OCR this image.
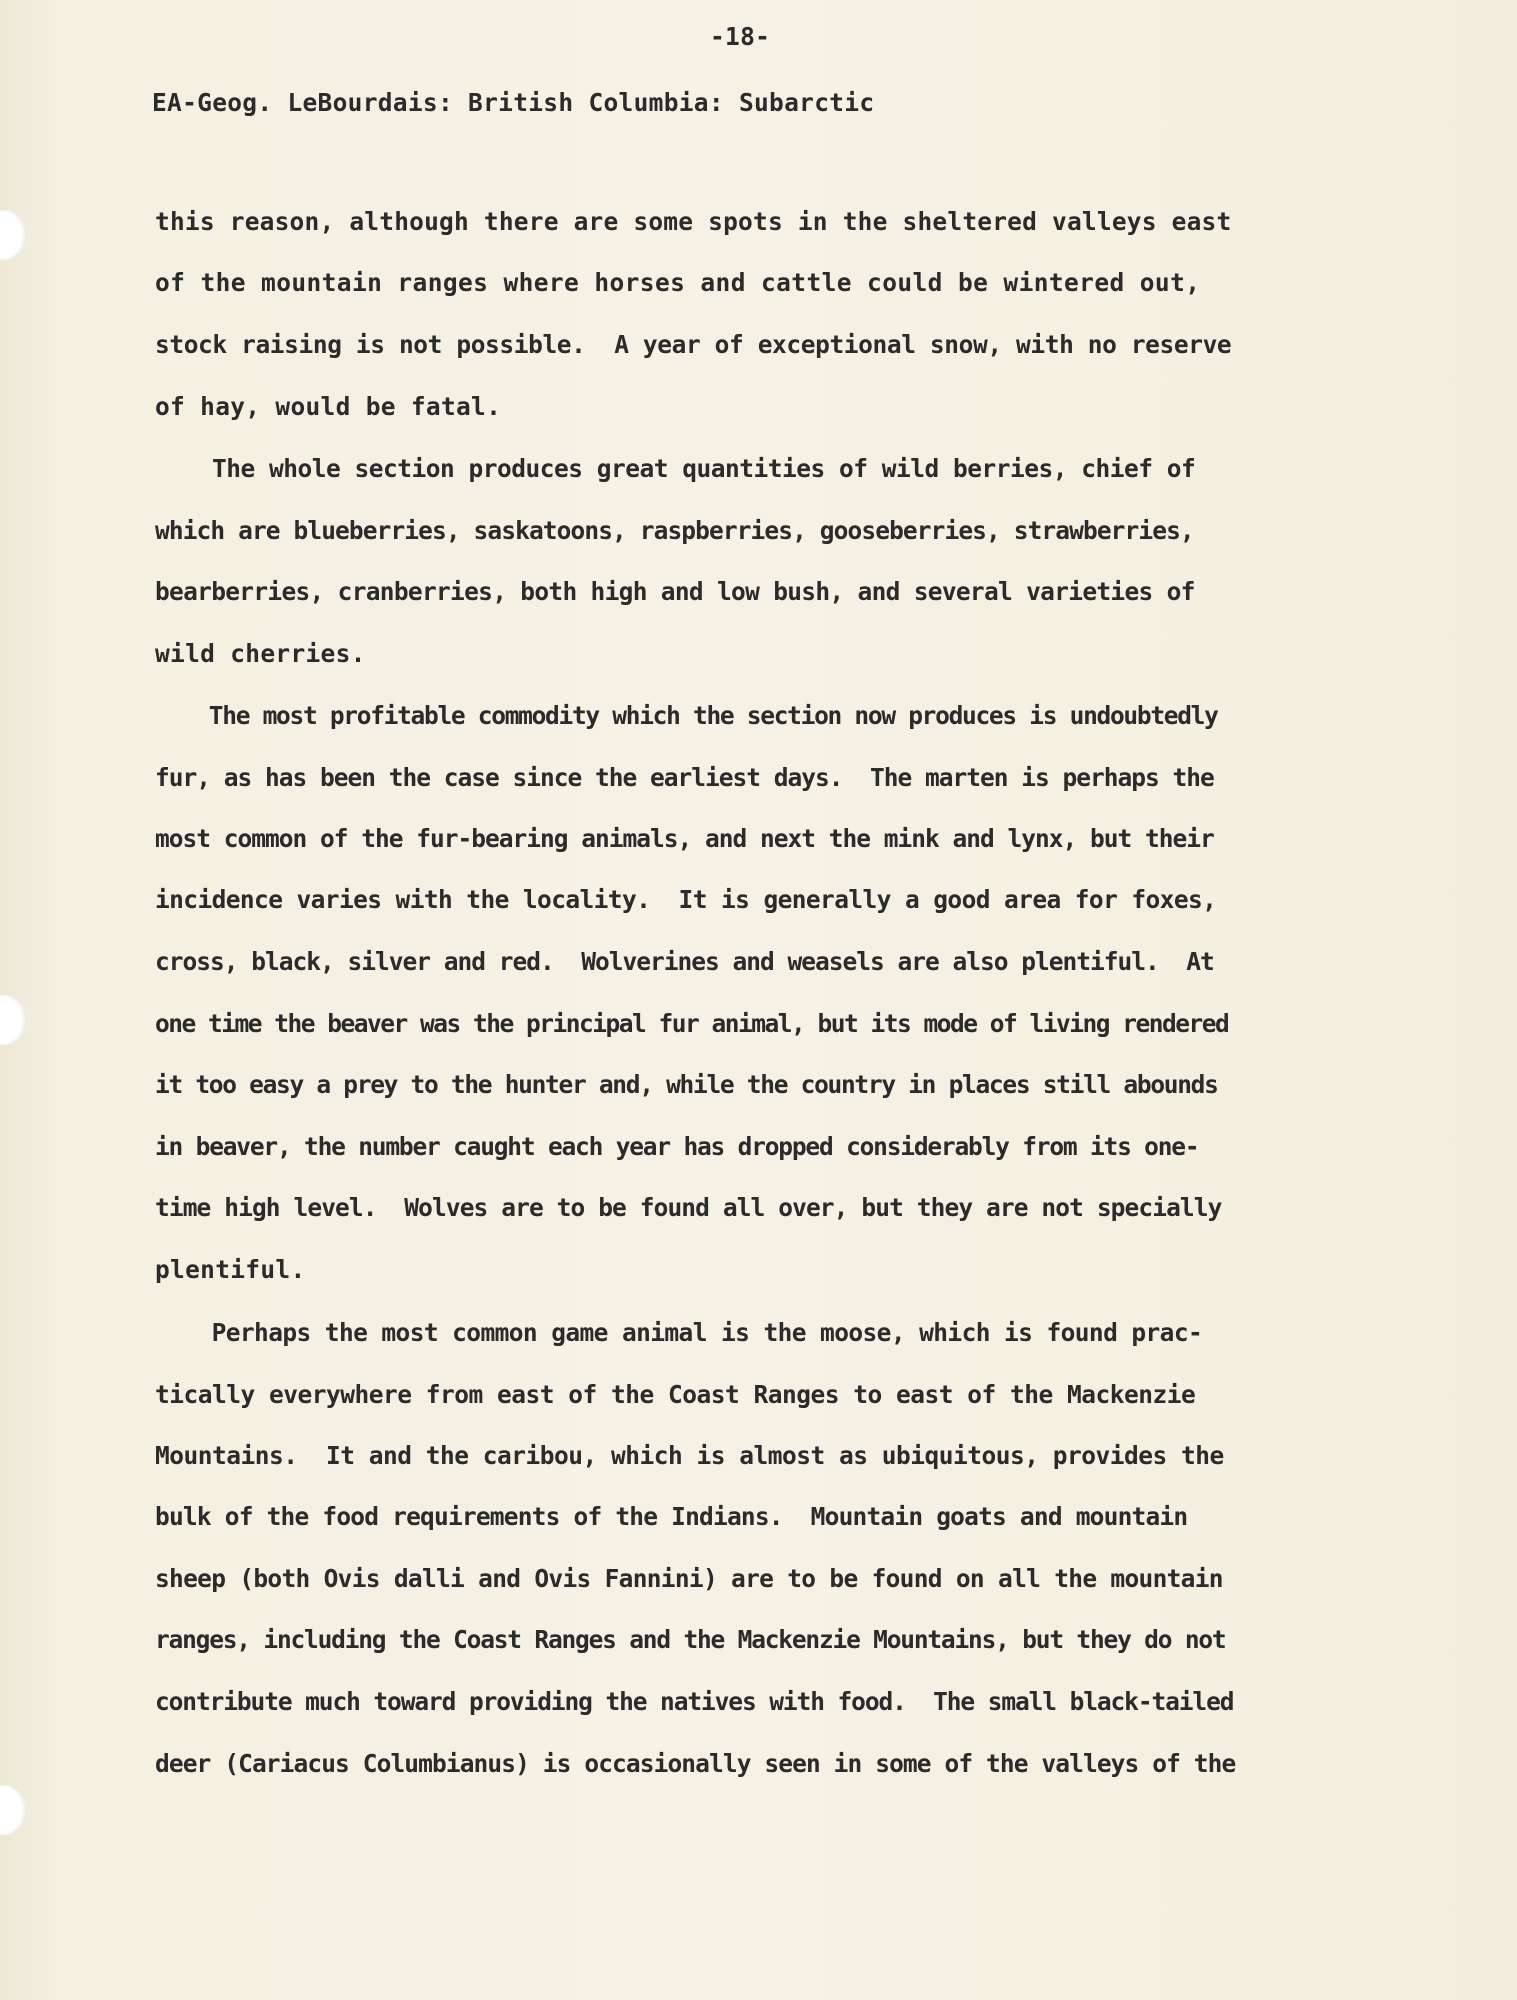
-18-

EA-Geog. LeBourdais: British Columbia: Subarctic

this reason, although there are some spots in the sheltered valleys east

of the mountain ranges where horses and cattle could be wintered out,

stock raising is not possible.  A year of exceptional snow, with no reserve

of hay, would be fatal.

The whole section produces great quantities of wild berries, chief of

which are blueberries, saskatoons, raspberries, gooseberries, strawberries,

bearberries, cranberries, both high and low bush, and several varieties of

wild cherries.

The most profitable commodity which the section now produces is undoubtedly

fur, as has been the case since the earliest days.  The marten is perhaps the

most common of the fur-bearing animals, and next the mink and lynx, but their

incidence varies with the locality.  It is generally a good area for foxes,

cross, black, silver and red.  Wolverines and weasels are also plentiful.  At

one time the beaver was the principal fur animal, but its mode of living rendered

it too easy a prey to the hunter and, while the country in places still abounds

in beaver, the number caught each year has dropped considerably from its one-

time high level.  Wolves are to be found all over, but they are not specially

plentiful.

Perhaps the most common game animal is the moose, which is found prac-

tically everywhere from east of the Coast Ranges to east of the Mackenzie

Mountains.  It and the caribou, which is almost as ubiquitous, provides the

bulk of the food requirements of the Indians.  Mountain goats and mountain

sheep (both Ovis dalli and Ovis Fannini) are to be found on all the mountain

ranges, including the Coast Ranges and the Mackenzie Mountains, but they do not

contribute much toward providing the natives with food.  The small black-tailed

deer (Cariacus Columbianus) is occasionally seen in some of the valleys of the
